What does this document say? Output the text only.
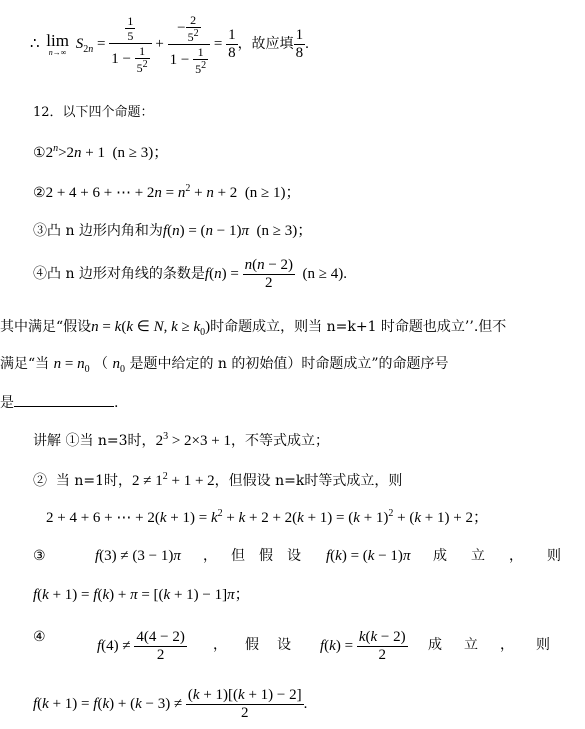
∴ lim
n→∞
$S_{2n} = \frac{\frac{1}{5}}{1 - \frac{1}{5^2}} + \frac{- \frac{2}{5^2}}{1 - \frac{1}{5^2}} = \frac{1}{8}$ ，故应填 $\frac{1}{8}$ .
12．以下四个命题：
$①2^n>2n + 1$  (n ≥ 3)；
②2 + 4 + 6 + ⋯ + $2n = n^2 + n + 2$  (n ≥ 1)；
③凸 n 边形内角和为f(n) = (n − 1)π (n ≥ 3)；
④凸 n 边形对角线的条数是$f(n) = \frac{n(n - 2)}{2} (n \ge 4)$.
其中满足“假设n = k(k ∈ N, $k \ge k_0$)时命题成立，则当 n=k+1 时命题也成立’’.但不
满足“当 $n = n_0$ （ $n_0$ 是题中给定的 n 的初始值）时命题成立”的命题序号
是	.
讲解 ①当 n=3时，$2^3 > 2\times 3 + 1$，不等式成立；
② 当 n=1时，$2 \ne 1^2 + 1 + 2$，但假设 n=k时等式成立，则
2 + 4 + 6 + ⋯ + $2(k + 1) = k^2 + k + 2 + 2(k + 1) = (k + 1)^2 + (k + 1) + 2$；
③	f(3) ≠ (3 − 1)π ，但假设 f(k) = (k − 1)π 成立，则
f(k + 1) = f(k) + π = [(k + 1) − 1]π；
④
$f(4) \ne \frac{4(4 - 2)}{2}$ ，假设 $f(k) = \frac{k(k - 2)}{2}$ 成立，则
$f(k + 1) = f(k) + (k - 3) \ne \frac{(k + 1)[(k + 1) - 2]}{2}$ .
